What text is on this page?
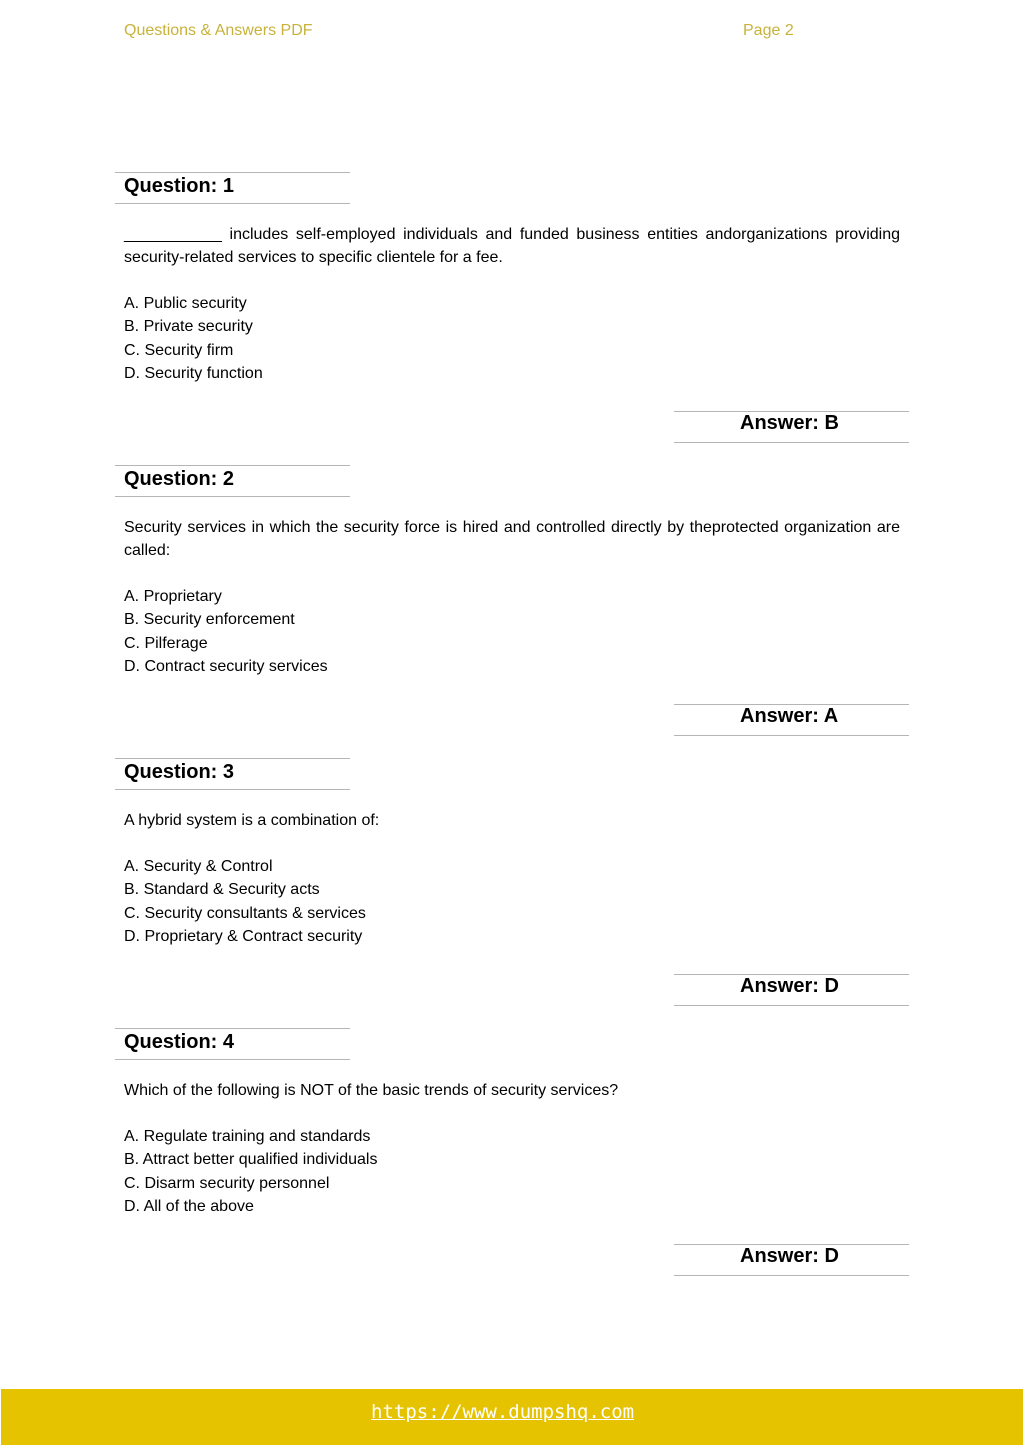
Questions & Answers PDF	Page 2
Question: 1
___________ includes self-employed individuals and funded business entities andorganizations providing security-related services to specific clientele for a fee.
A. Public security
B. Private security
C. Security firm
D. Security function
Answer: B
Question: 2
Security services in which the security force is hired and controlled directly by theprotected organization are called:
A. Proprietary
B. Security enforcement
C. Pilferage
D. Contract security services
Answer: A
Question: 3
A hybrid system is a combination of:
A. Security & Control
B. Standard & Security acts
C. Security consultants & services
D. Proprietary & Contract security
Answer: D
Question: 4
Which of the following is NOT of the basic trends of security services?
A. Regulate training and standards
B. Attract better qualified individuals
C. Disarm security personnel
D. All of the above
Answer: D
https://www.dumpshq.com
